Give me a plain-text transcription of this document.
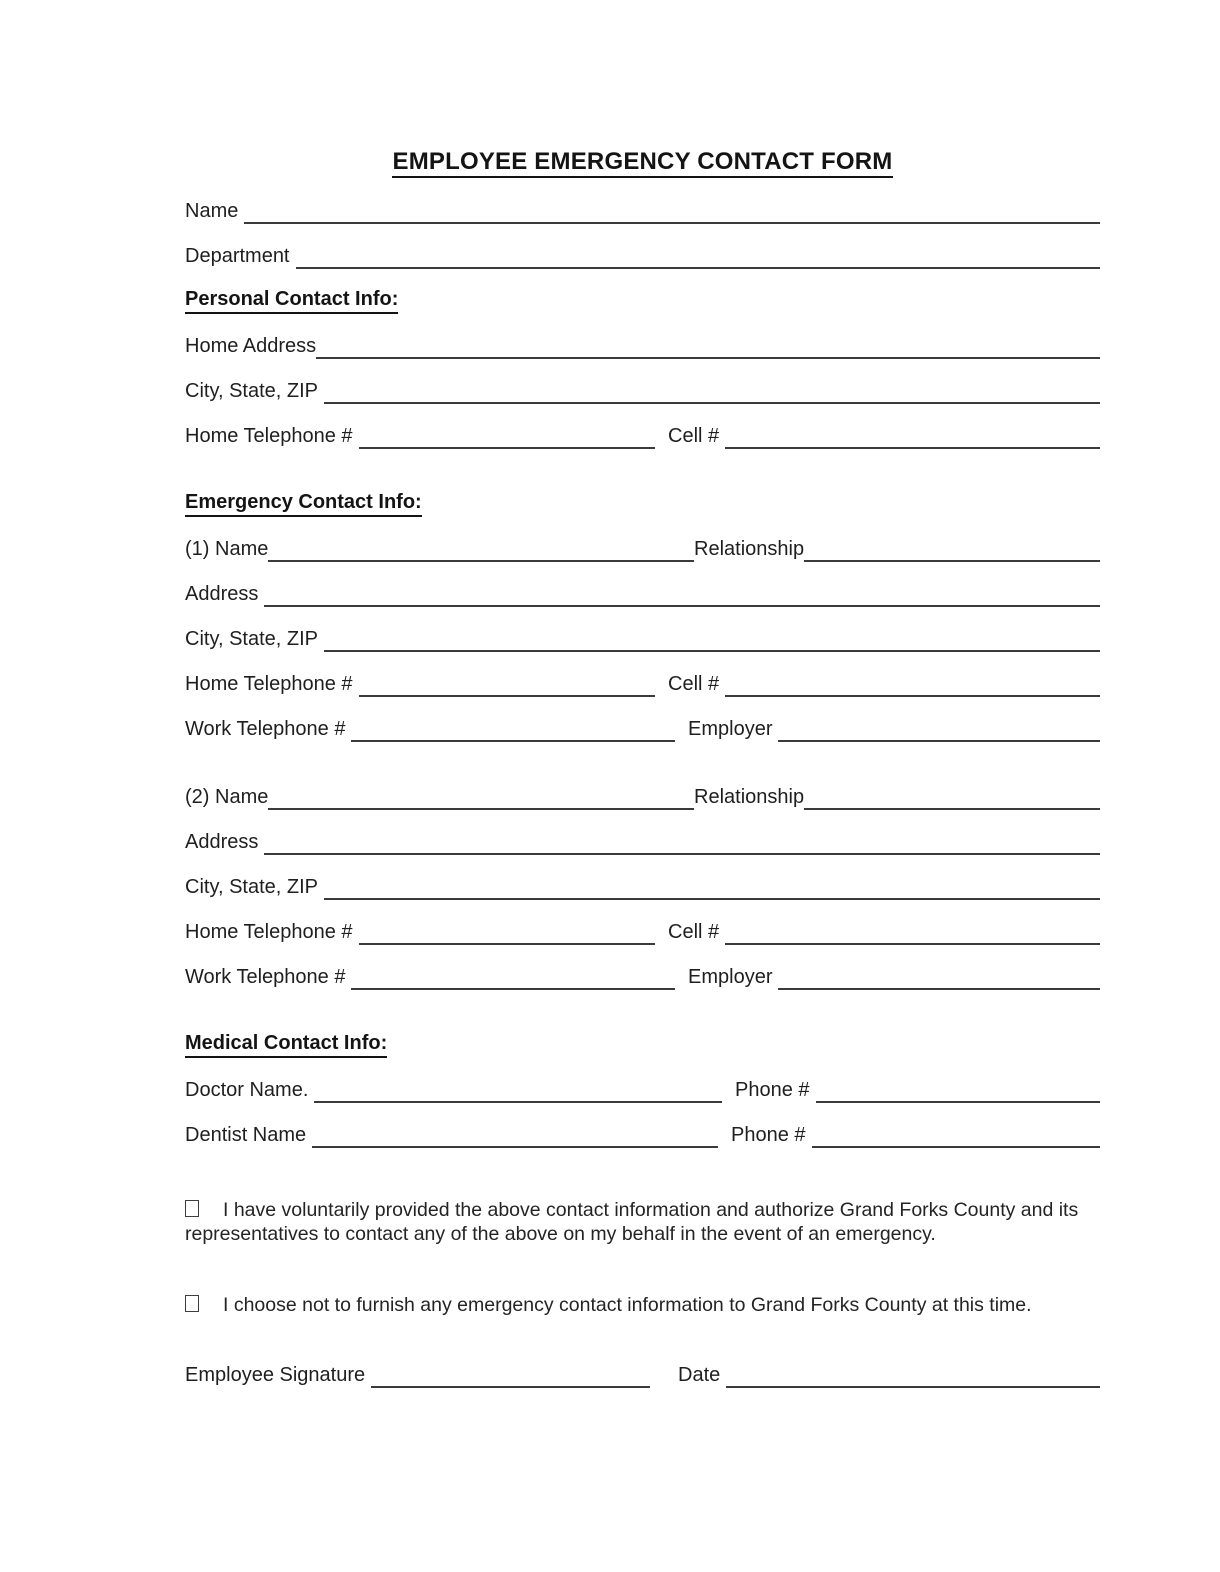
EMPLOYEE EMERGENCY CONTACT FORM
Name
Department
Personal Contact Info:
Home Address
City, State, ZIP
Home Telephone #	Cell #
Emergency Contact Info:
(1) Name	Relationship
Address
City, State, ZIP
Home Telephone #	Cell #
Work Telephone #	Employer
(2) Name	Relationship
Address
City, State, ZIP
Home Telephone #	Cell #
Work Telephone #	Employer
Medical Contact Info:
Doctor Name.	Phone #
Dentist Name	Phone #

I have voluntarily provided the above contact information and authorize Grand Forks County and its representatives to contact any of the above on my behalf in the event of an emergency.

I choose not to furnish any emergency contact information to Grand Forks County at this time.

Employee Signature	Date
